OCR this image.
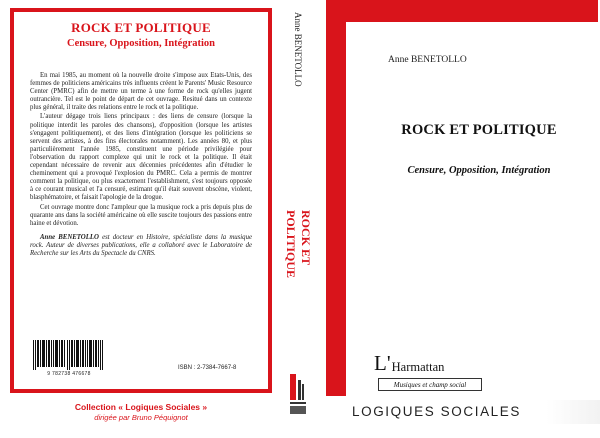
ROCK ET POLITIQUE
Censure, Opposition, Intégration

En mai 1985, au moment où la nouvelle droite s'impose aux Etats-Unis, des femmes de politiciens américains très influents créent le Parents' Music Resource Center (PMRC) afin de mettre un terme à une forme de rock qu'elles jugent outrancière. Tel est le point de départ de cet ouvrage. Resitué dans un contexte plus général, il traite des relations entre le rock et la politique.

L'auteur dégage trois liens principaux : des liens de censure (lorsque la politique interdit les paroles des chansons), d'opposition (lorsque les artistes s'engagent politiquement), et des liens d'intégration (lorsque les politiciens se servent des artistes, à des fins électorales notamment). Les années 80, et plus particulièrement l'année 1985, constituent une période privilégiée pour l'observation du rapport complexe qui unit le rock et la politique. Il était cependant nécessaire de revenir aux décennies précédentes afin d'étudier le cheminement qui a provoqué l'explosion du PMRC. Cela a permis de montrer comment la politique, ou plus exactement l'establishment, s'est toujours opposée à ce courant musical et l'a censuré, estimant qu'il était souvent obscène, violent, blasphématoire, et faisait l'apologie de la drogue.

Cet ouvrage montre donc l'ampleur que la musique rock a pris depuis plus de quarante ans dans la société américaine où elle suscite toujours des passions entre haine et dévotion.

Anne BENETOLLO est docteur en Histoire, spécialiste dans la musique rock. Auteur de diverses publications, elle a collaboré avec le Laboratoire de Recherche sur les Arts du Spectacle du CNRS.

9 782738 476678
ISBN : 2-7384-7667-8
Collection « Logiques Sociales »
dirigée par Bruno Péquignot
Anne BENETOLLO
ROCK ET POLITIQUE
Anne BENETOLLO
ROCK ET POLITIQUE
Censure, Opposition, Intégration
L' Harmattan
Musiques et champ social
LOGIQUES SOCIALES
